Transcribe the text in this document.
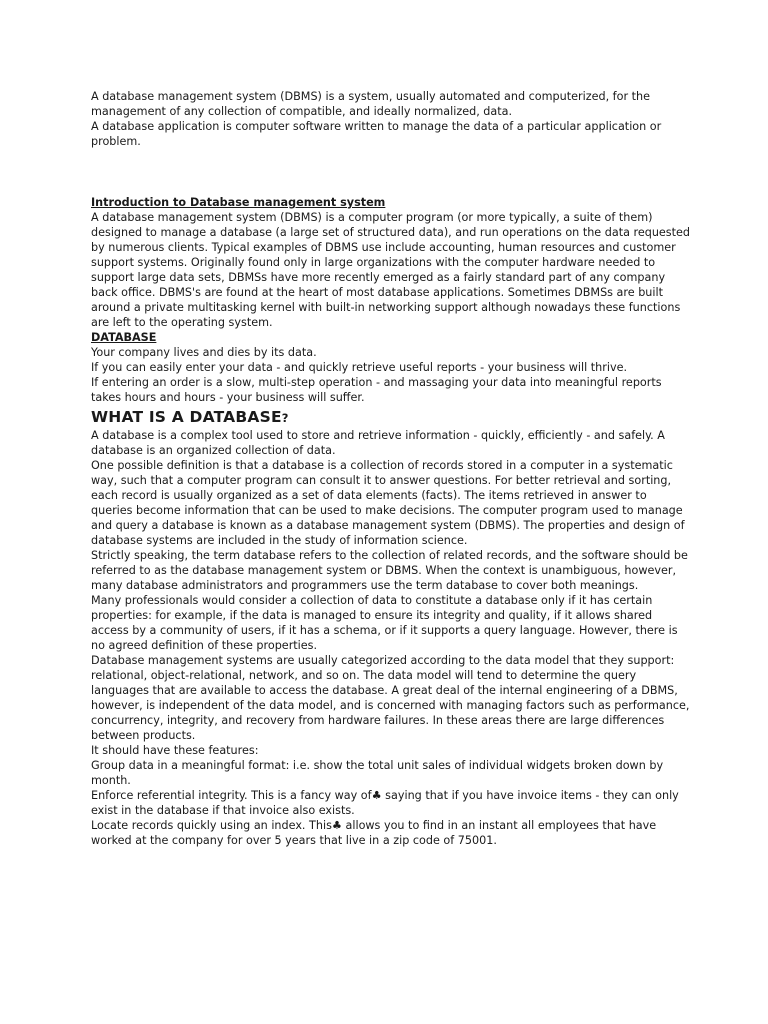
A database management system (DBMS) is a system, usually automated and computerized, for the management of any collection of compatible, and ideally normalized, data.

A database application is computer software written to manage the data of a particular application or problem.

Introduction to Database management system

A database management system (DBMS) is a computer program (or more typically, a suite of them) designed to manage a database (a large set of structured data), and run operations on the data requested by numerous clients. Typical examples of DBMS use include accounting, human resources and customer support systems. Originally found only in large organizations with the computer hardware needed to support large data sets, DBMSs have more recently emerged as a fairly standard part of any company back office. DBMS's are found at the heart of most database applications. Sometimes DBMSs are built around a private multitasking kernel with built-in networking support although nowadays these functions are left to the operating system.

DATABASE

Your company lives and dies by its data.

If you can easily enter your data - and quickly retrieve useful reports - your business will thrive.

If entering an order is a slow, multi-step operation - and massaging your data into meaningful reports takes hours and hours - your business will suffer.

WHAT IS A DATABASE?

A database is a complex tool used to store and retrieve information - quickly, efficiently - and safely. A database is an organized collection of data.

One possible definition is that a database is a collection of records stored in a computer in a systematic way, such that a computer program can consult it to answer questions. For better retrieval and sorting, each record is usually organized as a set of data elements (facts). The items retrieved in answer to queries become information that can be used to make decisions. The computer program used to manage and query a database is known as a database management system (DBMS). The properties and design of database systems are included in the study of information science.

Strictly speaking, the term database refers to the collection of related records, and the software should be referred to as the database management system or DBMS. When the context is unambiguous, however, many database administrators and programmers use the term database to cover both meanings.

Many professionals would consider a collection of data to constitute a database only if it has certain properties: for example, if the data is managed to ensure its integrity and quality, if it allows shared access by a community of users, if it has a schema, or if it supports a query language. However, there is no agreed definition of these properties.

Database management systems are usually categorized according to the data model that they support: relational, object-relational, network, and so on. The data model will tend to determine the query languages that are available to access the database. A great deal of the internal engineering of a DBMS, however, is independent of the data model, and is concerned with managing factors such as performance, concurrency, integrity, and recovery from hardware failures. In these areas there are large differences between products.

It should have these features:

Group data in a meaningful format: i.e. show the total unit sales of individual widgets broken down by month.

Enforce referential integrity. This is a fancy way of♣ saying that if you have invoice items - they can only exist in the database if that invoice also exists.

Locate records quickly using an index. This♣ allows you to find in an instant all employees that have worked at the company for over 5 years that live in a zip code of 75001.
